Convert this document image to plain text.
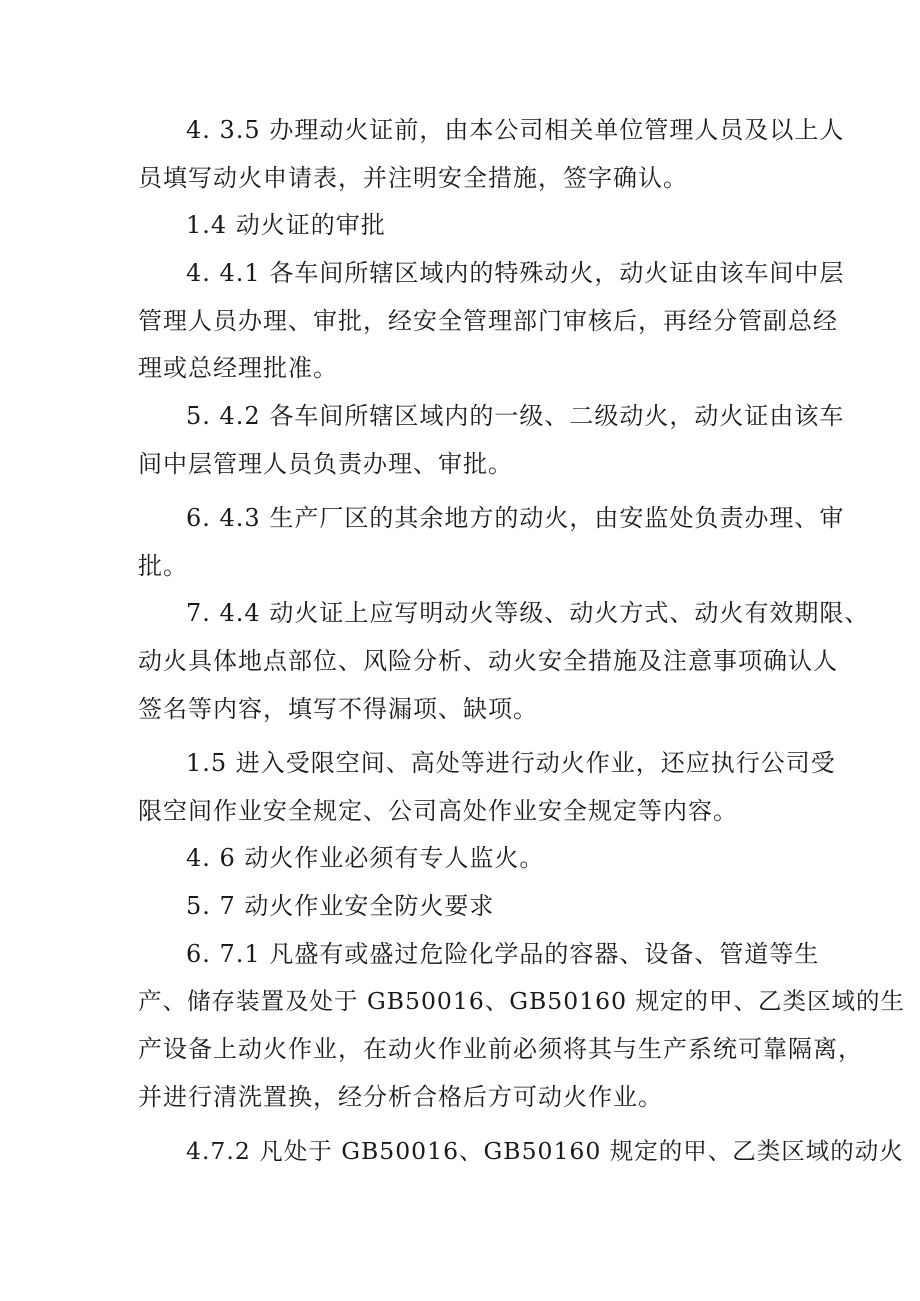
4. 3.5 办理动火证前，由本公司相关单位管理人员及以上人
员填写动火申请表，并注明安全措施，签字确认。
1.4 动火证的审批
4. 4.1 各车间所辖区域内的特殊动火，动火证由该车间中层
管理人员办理、审批，经安全管理部门审核后，再经分管副总经
理或总经理批准。
5. 4.2 各车间所辖区域内的一级、二级动火，动火证由该车
间中层管理人员负责办理、审批。
6. 4.3 生产厂区的其余地方的动火，由安监处负责办理、审
批。
7. 4.4 动火证上应写明动火等级、动火方式、动火有效期限、
动火具体地点部位、风险分析、动火安全措施及注意事项确认人
签名等内容，填写不得漏项、缺项。
1.5 进入受限空间、高处等进行动火作业，还应执行公司受
限空间作业安全规定、公司高处作业安全规定等内容。
4. 6 动火作业必须有专人监火。
5. 7 动火作业安全防火要求
6. 7.1 凡盛有或盛过危险化学品的容器、设备、管道等生
产、储存装置及处于 GB50016、GB50160 规定的甲、乙类区域的生
产设备上动火作业，在动火作业前必须将其与生产系统可靠隔离，
并进行清洗置换，经分析合格后方可动火作业。
4.7.2 凡处于 GB50016、GB50160 规定的甲、乙类区域的动火
